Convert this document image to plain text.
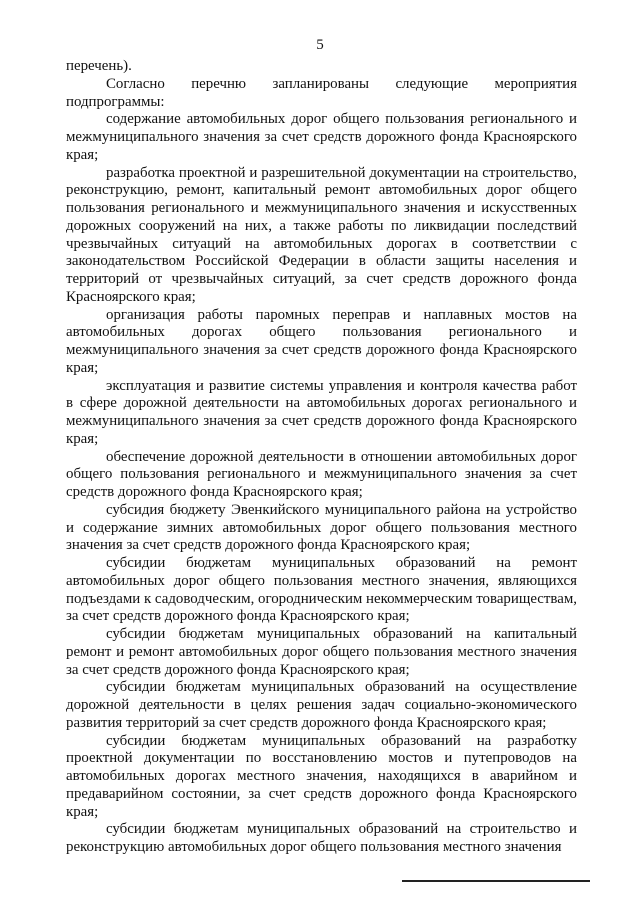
5

перечень).

Согласно перечню запланированы следующие мероприятия подпрограммы:

содержание автомобильных дорог общего пользования регионального и межмуниципального значения за счет средств дорожного фонда Красноярского края;

разработка проектной и разрешительной документации на строительство, реконструкцию, ремонт, капитальный ремонт автомобильных дорог общего пользования регионального и межмуниципального значения и искусственных дорожных сооружений на них, а также работы по ликвидации последствий чрезвычайных ситуаций на автомобильных дорогах в соответствии с законодательством Российской Федерации в области защиты населения и территорий от чрезвычайных ситуаций, за счет средств дорожного фонда Красноярского края;

организация работы паромных переправ и наплавных мостов на автомобильных дорогах общего пользования регионального и межмуниципального значения за счет средств дорожного фонда Красноярского края;

эксплуатация и развитие системы управления и контроля качества работ в сфере дорожной деятельности на автомобильных дорогах регионального и межмуниципального значения за счет средств дорожного фонда Красноярского края;

обеспечение дорожной деятельности в отношении автомобильных дорог общего пользования регионального и межмуниципального значения за счет средств дорожного фонда Красноярского края;

субсидия бюджету Эвенкийского муниципального района на устройство и содержание зимних автомобильных дорог общего пользования местного значения за счет средств дорожного фонда Красноярского края;

субсидии бюджетам муниципальных образований на ремонт автомобильных дорог общего пользования местного значения, являющихся подъездами к садоводческим, огородническим некоммерческим товариществам, за счет средств дорожного фонда Красноярского края;

субсидии бюджетам муниципальных образований на капитальный ремонт и ремонт автомобильных дорог общего пользования местного значения за счет средств дорожного фонда Красноярского края;

субсидии бюджетам муниципальных образований на осуществление дорожной деятельности в целях решения задач социально-экономического развития территорий за счет средств дорожного фонда Красноярского края;

субсидии бюджетам муниципальных образований на разработку проектной документации по восстановлению мостов и путепроводов на автомобильных дорогах местного значения, находящихся в аварийном и предаварийном состоянии, за счет средств дорожного фонда Красноярского края;

субсидии бюджетам муниципальных образований на строительство и реконструкцию автомобильных дорог общего пользования местного значения
